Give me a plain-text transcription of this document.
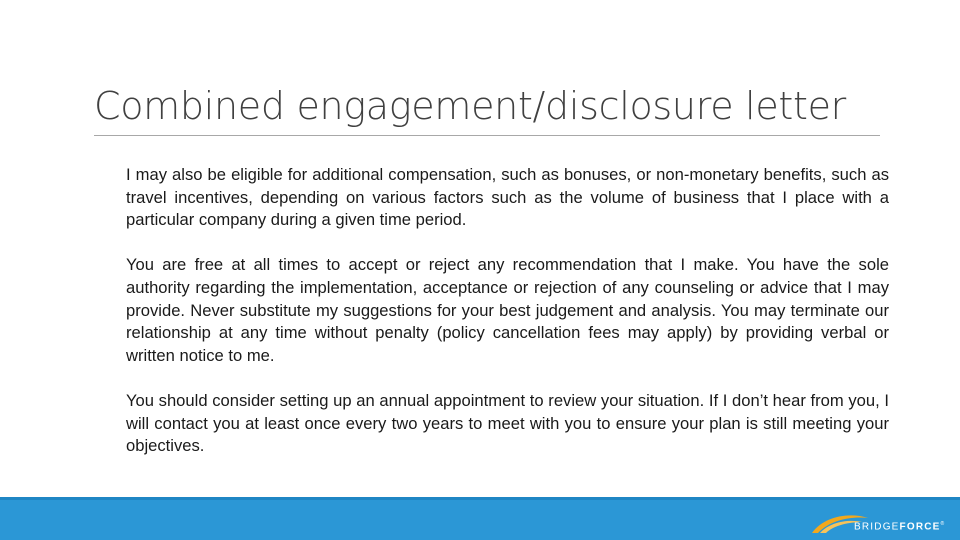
Combined engagement/disclosure letter

I may also be eligible for additional compensation, such as bonuses, or non-monetary benefits, such as travel incentives, depending on various factors such as the volume of business that I place with a particular company during a given time period.

You are free at all times to accept or reject any recommendation that I make. You have the sole authority regarding the implementation, acceptance or rejection of any counseling or advice that I may provide. Never substitute my suggestions for your best judgement and analysis. You may terminate our relationship at any time without penalty (policy cancellation fees may apply) by providing verbal or written notice to me.

You should consider setting up an annual appointment to review your situation. If I don’t hear from you, I will contact you at least once every two years to meet with you to ensure your plan is still meeting your objectives.

BRIDGEFORCE®
